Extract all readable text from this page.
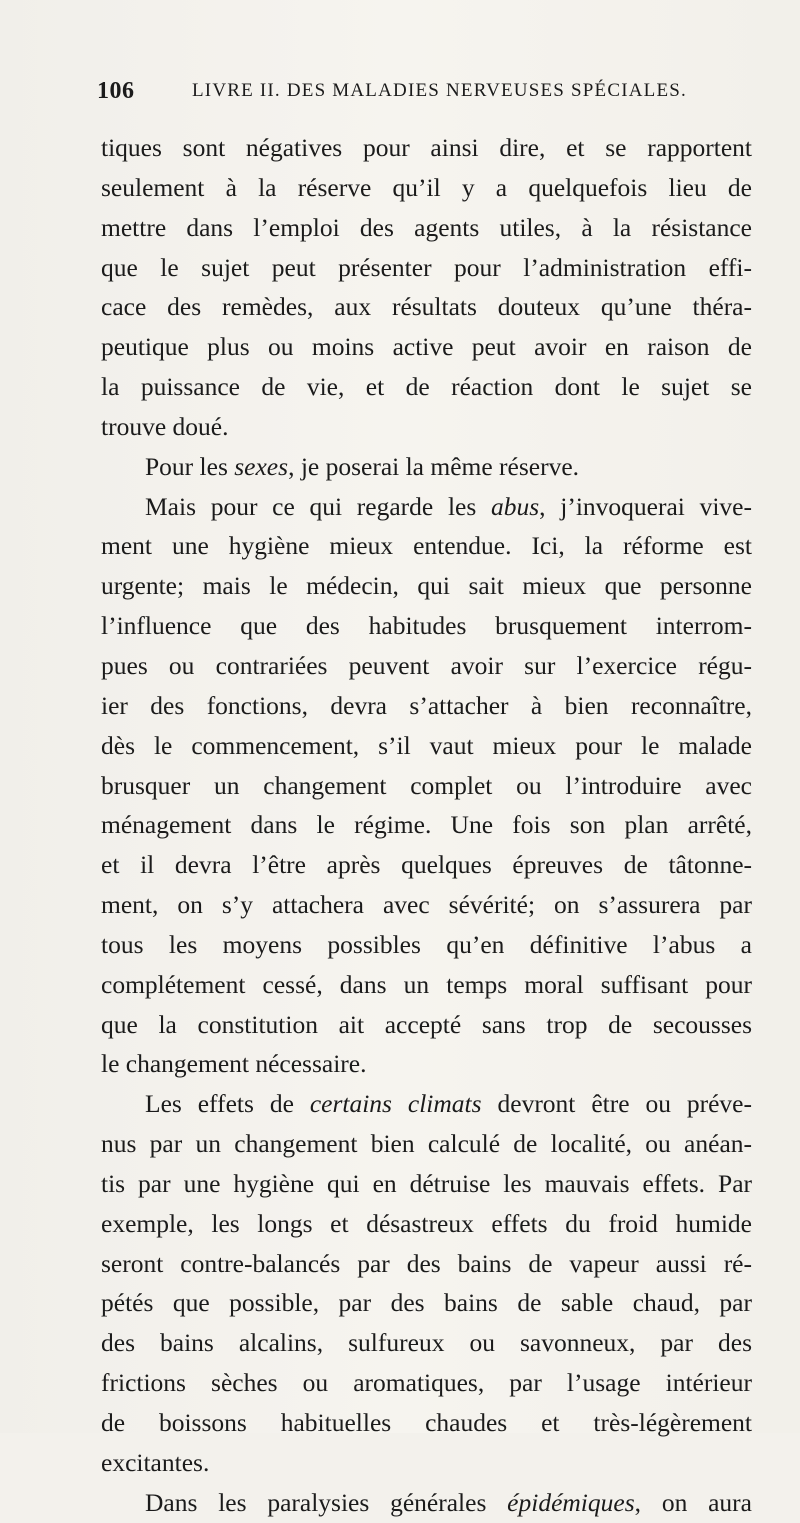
106	LIVRE II. DES MALADIES NERVEUSES SPÉCIALES.
tiques sont négatives pour ainsi dire, et se rapportent
seulement à la réserve qu’il y a quelquefois lieu de
mettre dans l’emploi des agents utiles, à la résistance
que le sujet peut présenter pour l’administration effi-
cace des remèdes, aux résultats douteux qu’une théra-
peutique plus ou moins active peut avoir en raison de
la puissance de vie, et de réaction dont le sujet se
trouve doué.
Pour les sexes, je poserai la même réserve.
Mais pour ce qui regarde les abus, j’invoquerai vive-
ment une hygiène mieux entendue. Ici, la réforme est
urgente; mais le médecin, qui sait mieux que personne
l’influence que des habitudes brusquement interrom-
pues ou contrariées peuvent avoir sur l’exercice régu-
ier des fonctions, devra s’attacher à bien reconnaître,
dès le commencement, s’il vaut mieux pour le malade
brusquer un changement complet ou l’introduire avec
ménagement dans le régime. Une fois son plan arrêté,
et il devra l’être après quelques épreuves de tâtonne-
ment, on s’y attachera avec sévérité; on s’assurera par
tous les moyens possibles qu’en définitive l’abus a
complétement cessé, dans un temps moral suffisant pour
que la constitution ait accepté sans trop de secousses
le changement nécessaire.
Les effets de certains climats devront être ou préve-
nus par un changement bien calculé de localité, ou anéan-
tis par une hygiène qui en détruise les mauvais effets. Par
exemple, les longs et désastreux effets du froid humide
seront contre-balancés par des bains de vapeur aussi ré-
pétés que possible, par des bains de sable chaud, par
des bains alcalins, sulfureux ou savonneux, par des
frictions sèches ou aromatiques, par l’usage intérieur
de boissons habituelles chaudes et très-légèrement
excitantes.
Dans les paralysies générales épidémiques, on aura
